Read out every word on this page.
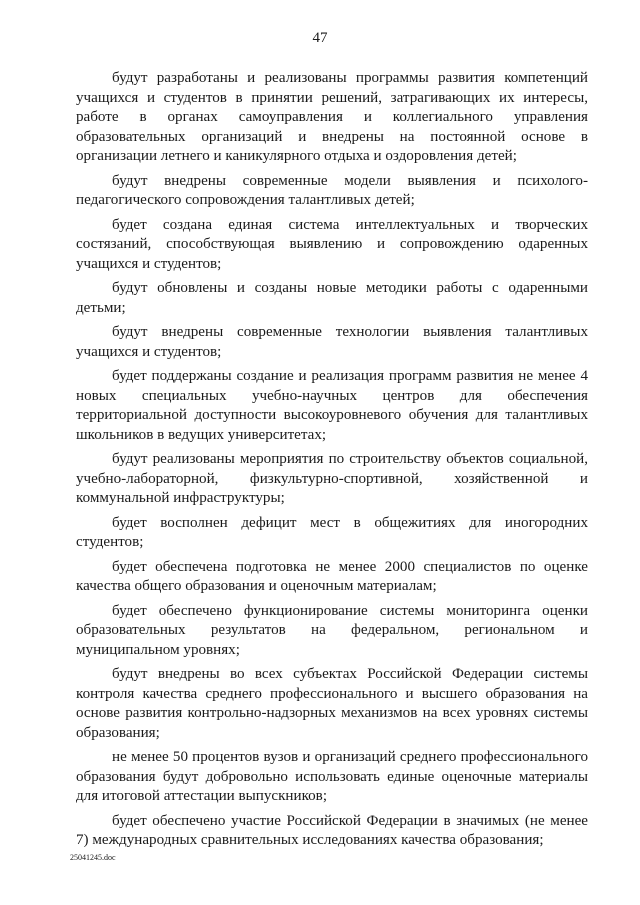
47

будут разработаны и реализованы программы развития компетенций учащихся и студентов в принятии решений, затрагивающих их интересы, работе в органах самоуправления и коллегиального управления образовательных организаций и внедрены на постоянной основе в организации летнего и каникулярного отдыха и оздоровления детей;

будут внедрены современные модели выявления и психолого-педагогического сопровождения талантливых детей;

будет создана единая система интеллектуальных и творческих состязаний, способствующая выявлению и сопровождению одаренных учащихся и студентов;

будут обновлены и созданы новые методики работы с одаренными детьми;

будут внедрены современные технологии выявления талантливых учащихся и студентов;

будет поддержаны создание и реализация программ развития не менее 4 новых специальных учебно-научных центров для обеспечения территориальной доступности высокоуровневого обучения для талантливых школьников в ведущих университетах;

будут реализованы мероприятия по строительству объектов социальной, учебно-лабораторной, физкультурно-спортивной, хозяйственной и коммунальной инфраструктуры;

будет восполнен дефицит мест в общежитиях для иногородних студентов;

будет обеспечена подготовка не менее 2000 специалистов по оценке качества общего образования и оценочным материалам;

будет обеспечено функционирование системы мониторинга оценки образовательных результатов на федеральном, региональном и муниципальном уровнях;

будут внедрены во всех субъектах Российской Федерации системы контроля качества среднего профессионального и высшего образования на основе развития контрольно-надзорных механизмов на всех уровнях системы образования;

не менее 50 процентов вузов и организаций среднего профессионального образования будут добровольно использовать единые оценочные материалы для итоговой аттестации выпускников;

будет обеспечено участие Российской Федерации в значимых (не менее 7) международных сравнительных исследованиях качества образования;

25041245.doc
